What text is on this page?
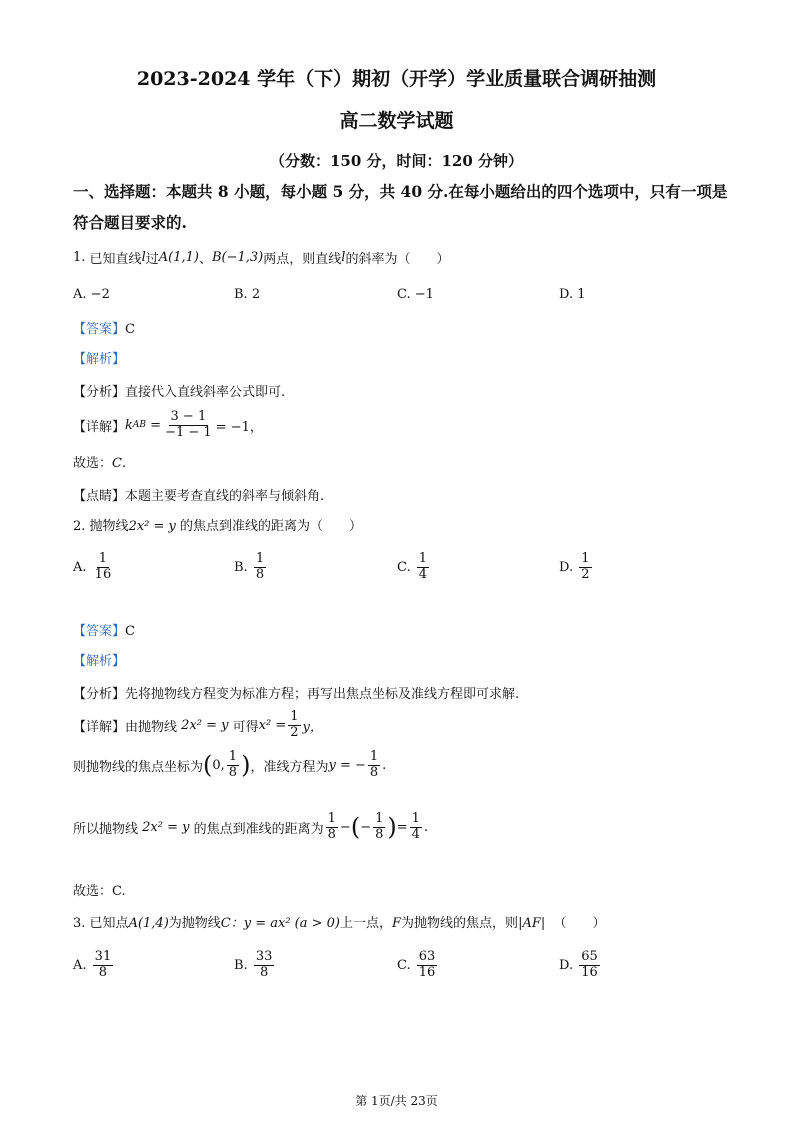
2023-2024 学年（下）期初（开学）学业质量联合调研抽测
高二数学试题
（分数：150 分，时间：120 分钟）
一、选择题：本题共 8 小题，每小题 5 分，共 40 分.在每小题给出的四个选项中，只有一项是
符合题目要求的.
1.
已知直线 l 过 A(1,1) 、 B(−1,3) 两点，则直线 l 的斜率为（　　）
A. −2	B. 2	C. −1	D. 1
【答案】C
【解析】
【分析】直接代入直线斜率公式即可.
【详解】 k AB
= $\frac{3 - 1}{-1 - 1} = -1$，
故选：C.
【点睛】本题主要考查直线的斜率与倾斜角.
2. 抛物线2x² = y 的焦点到准线的距离为（　　）
A.
$\frac{1}{16}$	B.
$\frac{1}{8}$	C.
$\frac{1}{4}$	D.
$\frac{1}{2}$
【答案】C
【解析】
【分析】先将抛物线方程变为标准方程；再写出焦点坐标及准线方程即可求解.
【详解】 由抛物线
2x² = y
可得 $x^2 = \frac{1}{2}$ y，
则抛物线的焦点坐标为 ( 0, $\frac{1}{8}$ ) ，准线方程为 y = − $\frac{1}{8}$ .
所以抛物线
2x² = y
的焦点到准线的距离为 $\frac{1}{8}$ − ( − $\frac{1}{8}$ ) = $\frac{1}{4}$ .
故选：C.
3. 已知点A(1,4)为抛物线C：y = ax² (a > 0)上一点，F为抛物线的焦点，则|AF| （　　）
A.
$\frac{31}{8}$	B.
$\frac{33}{8}$	C.
$\frac{63}{16}$	D.
$\frac{65}{16}$
第 1页/共 23页
